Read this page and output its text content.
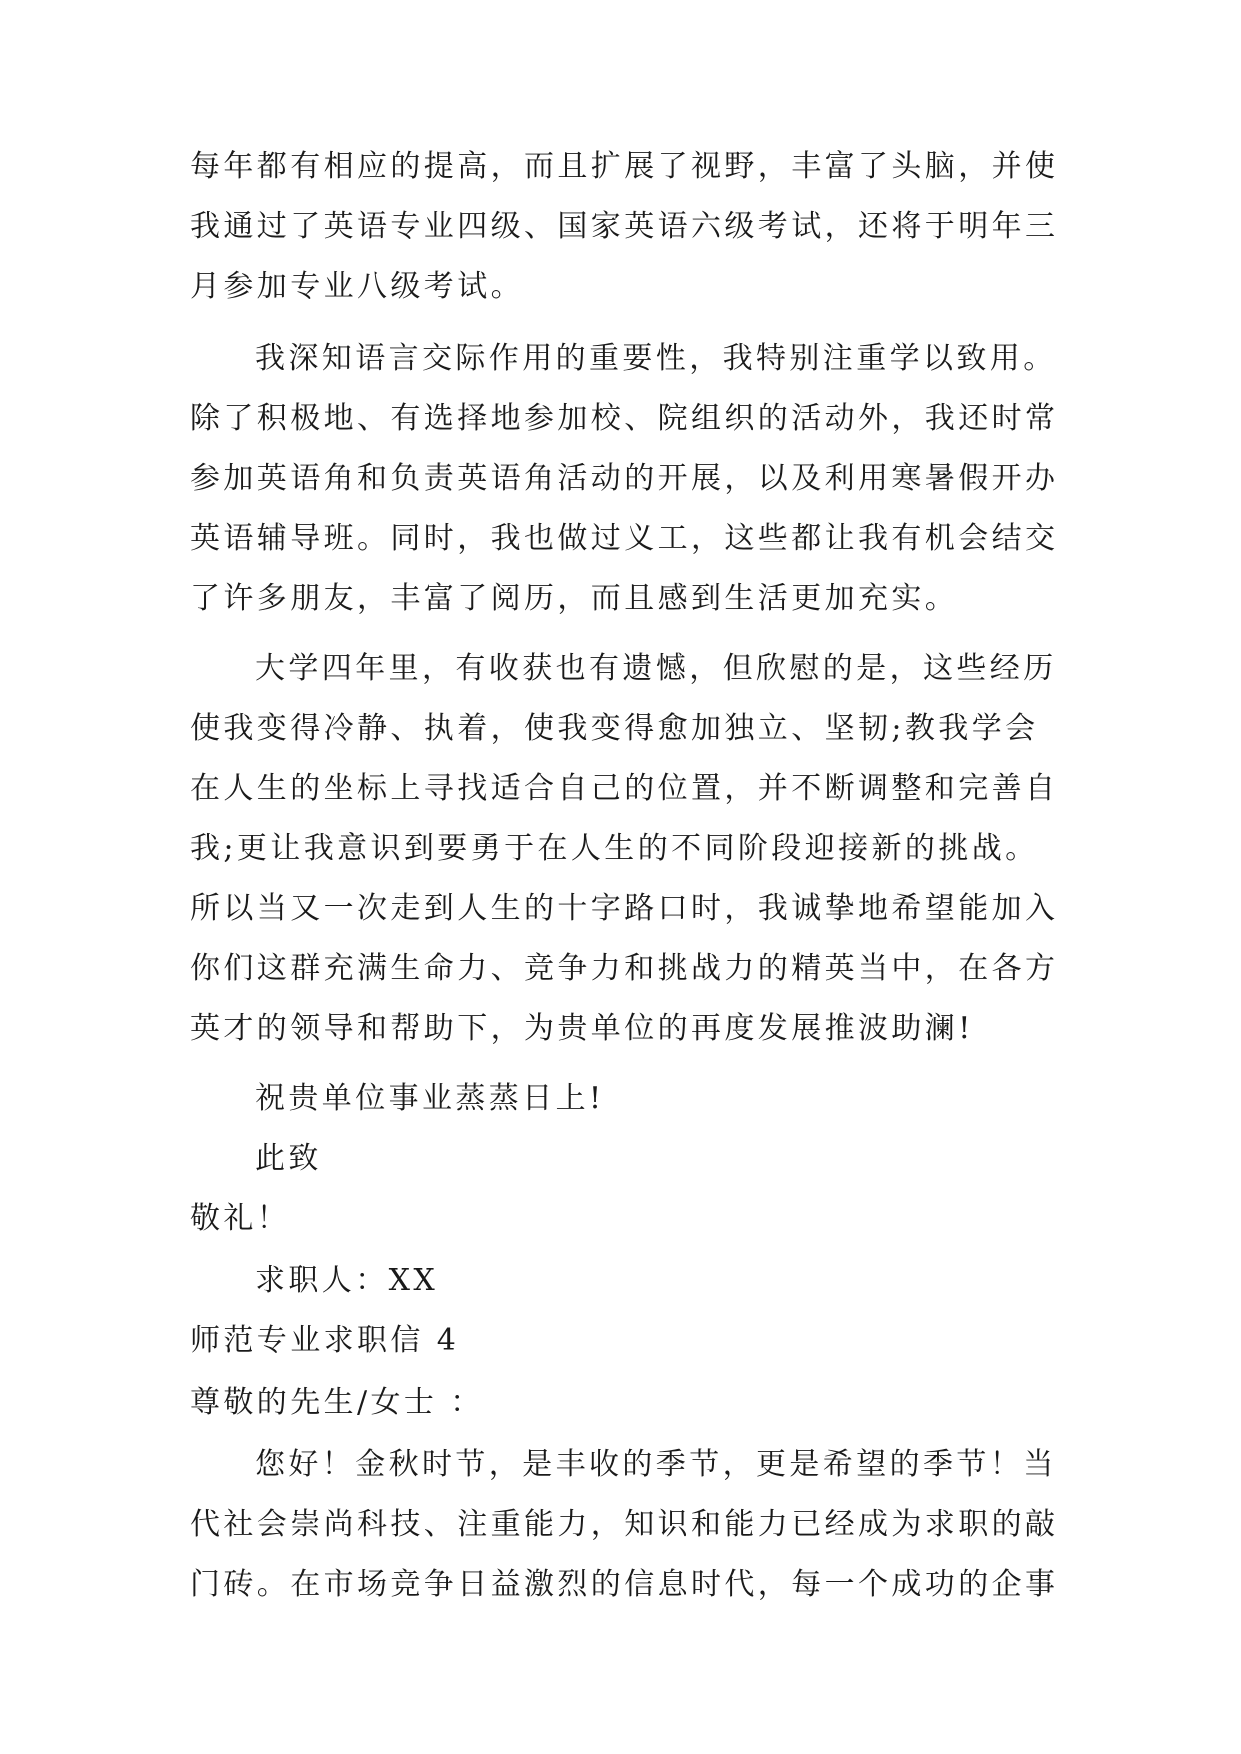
每年都有相应的提高，而且扩展了视野，丰富了头脑，并使
我通过了英语专业四级、国家英语六级考试，还将于明年三
月参加专业八级考试。
我深知语言交际作用的重要性，我特别注重学以致用。
除了积极地、有选择地参加校、院组织的活动外，我还时常
参加英语角和负责英语角活动的开展，以及利用寒暑假开办
英语辅导班。同时，我也做过义工，这些都让我有机会结交
了许多朋友，丰富了阅历，而且感到生活更加充实。
大学四年里，有收获也有遗憾，但欣慰的是，这些经历
使我变得冷静、执着，使我变得愈加独立、坚韧;教我学会
在人生的坐标上寻找适合自己的位置，并不断调整和完善自
我;更让我意识到要勇于在人生的不同阶段迎接新的挑战。
所以当又一次走到人生的十字路口时，我诚挚地希望能加入
你们这群充满生命力、竞争力和挑战力的精英当中，在各方
英才的领导和帮助下，为贵单位的再度发展推波助澜!
祝贵单位事业蒸蒸日上!
此致
敬礼！
求职人：XX
师范专业求职信 4
尊敬的先生/女士 ：
您好！金秋时节，是丰收的季节，更是希望的季节！当
代社会崇尚科技、注重能力，知识和能力已经成为求职的敲
门砖。在市场竞争日益激烈的信息时代，每一个成功的企事
